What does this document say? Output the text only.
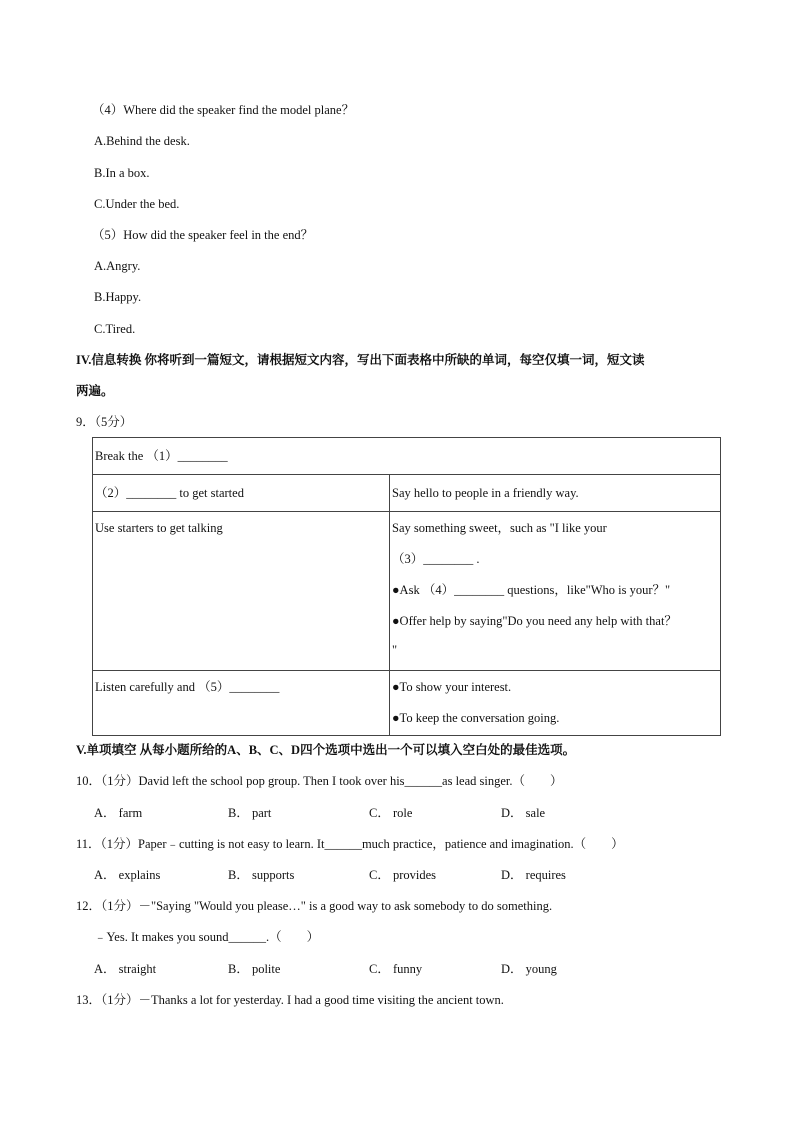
（4）Where did the speaker find the model plane？
A.Behind the desk.
B.In a box.
C.Under the bed.
（5）How did the speaker feel in the end？
A.Angry.
B.Happy.
C.Tired.
IV.信息转换 你将听到一篇短文，请根据短文内容，写出下面表格中所缺的单词，每空仅填一词，短文读
两遍。
9．（5分）
Break the （1）________	

（2）________ to get started	Say hello to people in a friendly way.

Use starters to get talking	Say something sweet，such as "I like your
（3）________ .
●Ask （4）________ questions，like"Who is your？"
●Offer help by saying"Do you need any help with that？
"

Listen carefully and （5）________	●To show your interest.
●To keep the conversation going.
V.单项填空 从每小题所给的A、B、C、D四个选项中选出一个可以填入空白处的最佳选项。
10．（1分）David left the school pop group. Then I took over his______as lead singer.（　　）
A． farm	B． part	C． role	D． sale
11．（1分）Paper﹣cutting is not easy to learn. It______much practice，patience and imagination.（　　）
A． explains	B． supports	C． provides	D． requires
12．（1分）－"Saying "Would you please…" is a good way to ask somebody to do something.
﹣Yes. It makes you sound______.（　　）
A． straight	B． polite	C． funny	D． young
13．（1分）－Thanks a lot for yesterday. I had a good time visiting the ancient town.
